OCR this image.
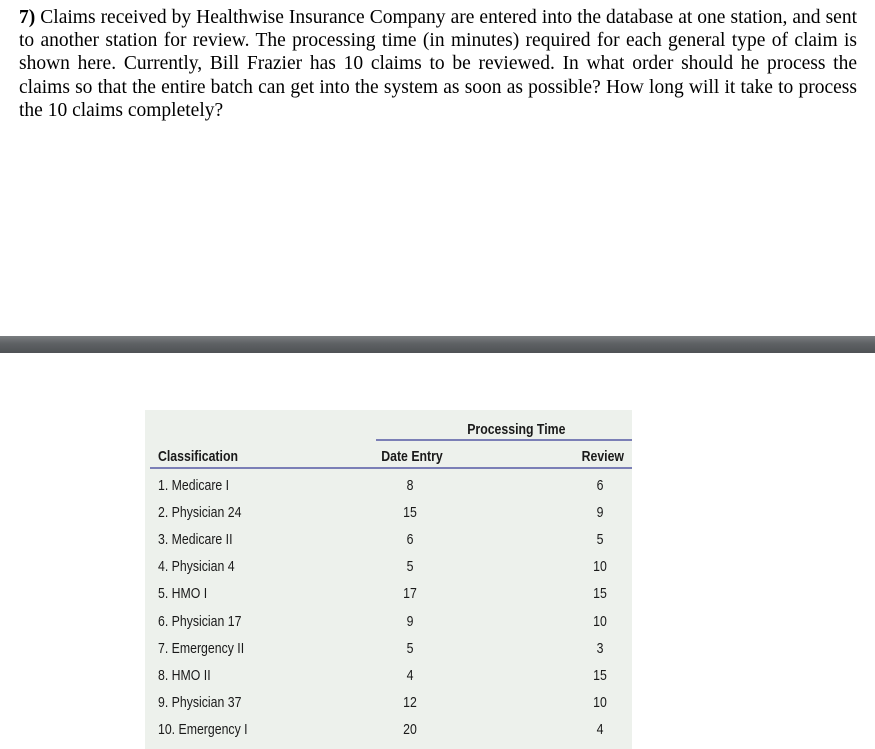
7) Claims received by Healthwise Insurance Company are entered into the database at one station, and sent to another station for review. The processing time (in minutes) required for each general type of claim is shown here. Currently, Bill Frazier has 10 claims to be reviewed. In what order should he process the claims so that the entire batch can get into the system as soon as possible? How long will it take to process the 10 claims completely?
Processing Time
Classification	Date Entry	Review
1. Medicare I	8	6
2. Physician 24	15	9
3. Medicare II	6	5
4. Physician 4	5	10
5. HMO I	17	15
6. Physician 17	9	10
7. Emergency II	5	3
8. HMO II	4	15
9. Physician 37	12	10
10. Emergency I	20	4
